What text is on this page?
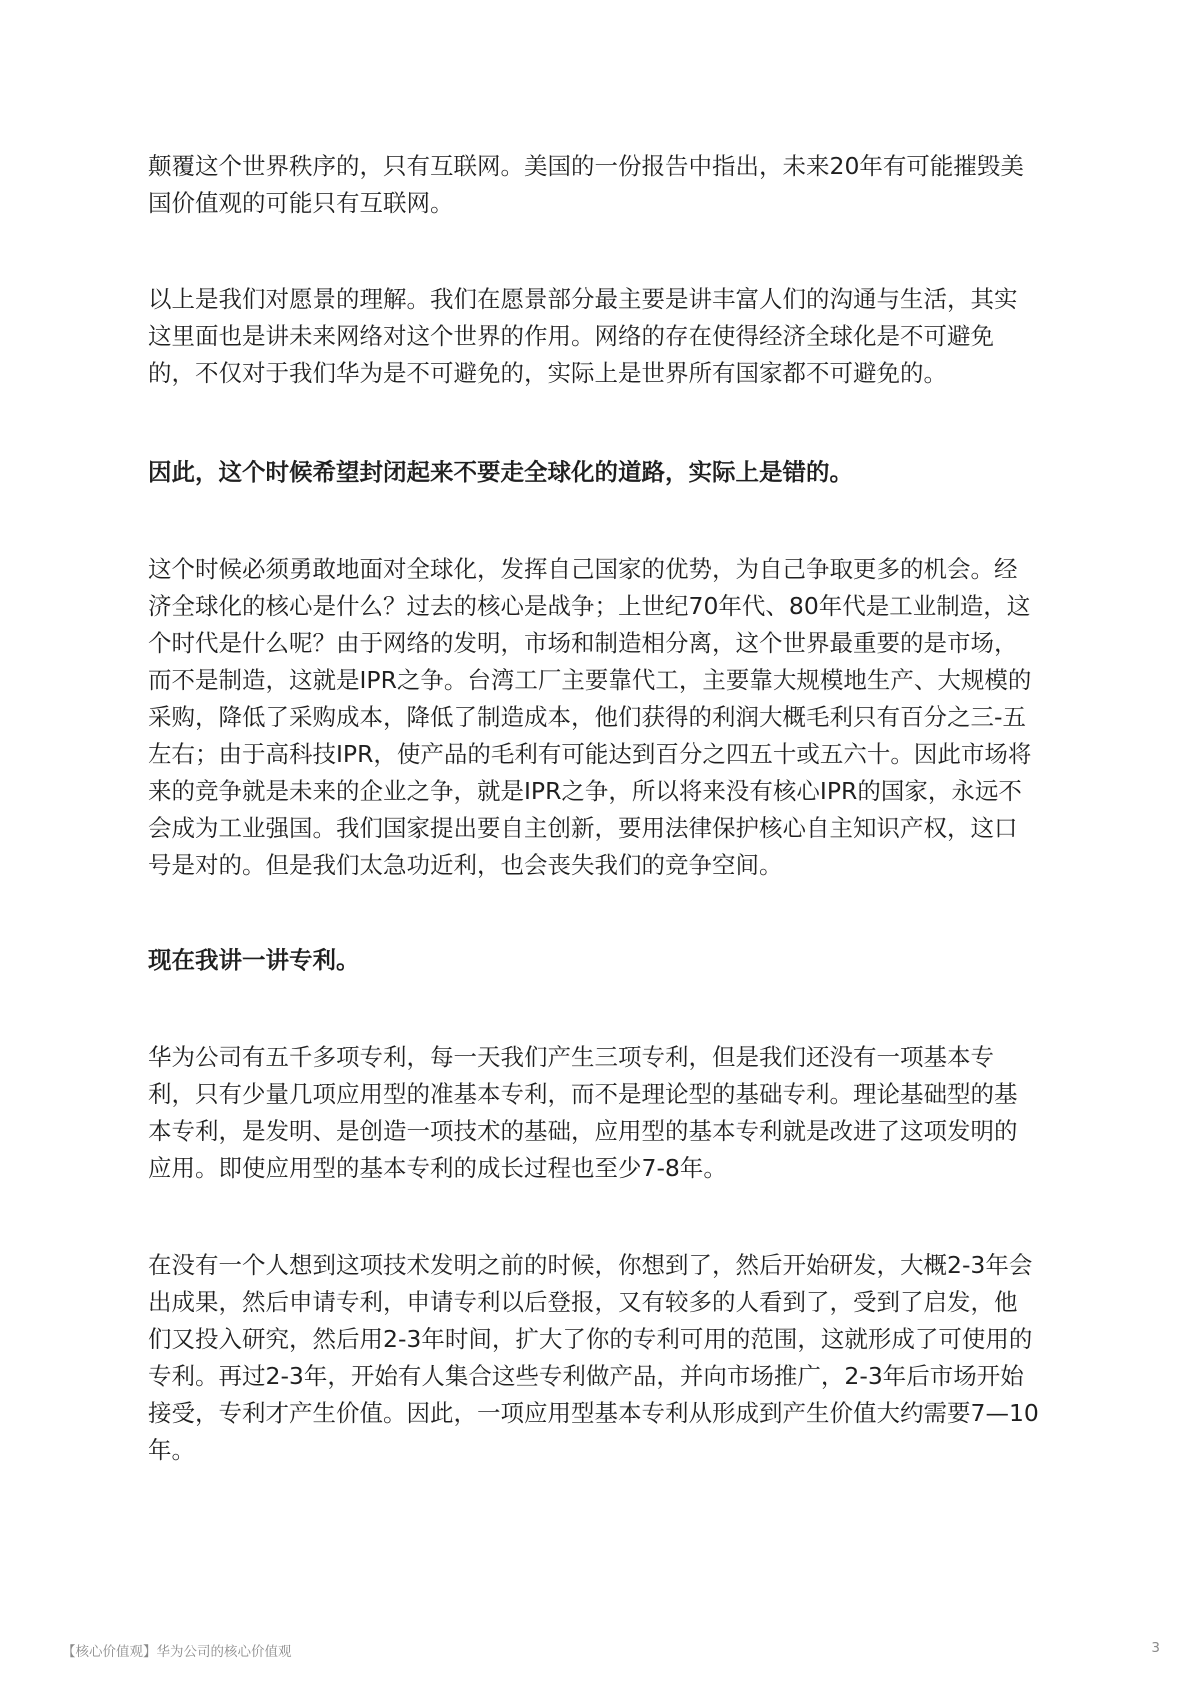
颠覆这个世界秩序的，只有互联网。美国的一份报告中指出，未来20年有可能摧毁美
国价值观的可能只有互联网。
以上是我们对愿景的理解。我们在愿景部分最主要是讲丰富人们的沟通与生活，其实
这里面也是讲未来网络对这个世界的作用。网络的存在使得经济全球化是不可避免
的，不仅对于我们华为是不可避免的，实际上是世界所有国家都不可避免的。
因此，这个时候希望封闭起来不要走全球化的道路，实际上是错的。
这个时候必须勇敢地面对全球化，发挥自己国家的优势，为自己争取更多的机会。经
济全球化的核心是什么？过去的核心是战争；上世纪70年代、80年代是工业制造，这
个时代是什么呢？由于网络的发明，市场和制造相分离，这个世界最重要的是市场，
而不是制造，这就是IPR之争。台湾工厂主要靠代工，主要靠大规模地生产、大规模的
采购，降低了采购成本，降低了制造成本，他们获得的利润大概毛利只有百分之三-五
左右；由于高科技IPR，使产品的毛利有可能达到百分之四五十或五六十。因此市场将
来的竞争就是未来的企业之争，就是IPR之争，所以将来没有核心IPR的国家，永远不
会成为工业强国。我们国家提出要自主创新，要用法律保护核心自主知识产权，这口
号是对的。但是我们太急功近利，也会丧失我们的竞争空间。
现在我讲一讲专利。
华为公司有五千多项专利，每一天我们产生三项专利，但是我们还没有一项基本专
利，只有少量几项应用型的准基本专利，而不是理论型的基础专利。理论基础型的基
本专利，是发明、是创造一项技术的基础，应用型的基本专利就是改进了这项发明的
应用。即使应用型的基本专利的成长过程也至少7-8年。
在没有一个人想到这项技术发明之前的时候，你想到了，然后开始研发，大概2-3年会
出成果，然后申请专利，申请专利以后登报，又有较多的人看到了，受到了启发，他
们又投入研究，然后用2-3年时间，扩大了你的专利可用的范围，这就形成了可使用的
专利。再过2-3年，开始有人集合这些专利做产品，并向市场推广，2-3年后市场开始
接受，专利才产生价值。因此，一项应用型基本专利从形成到产生价值大约需要7—10
年。
【核心价值观】华为公司的核心价值观	3
